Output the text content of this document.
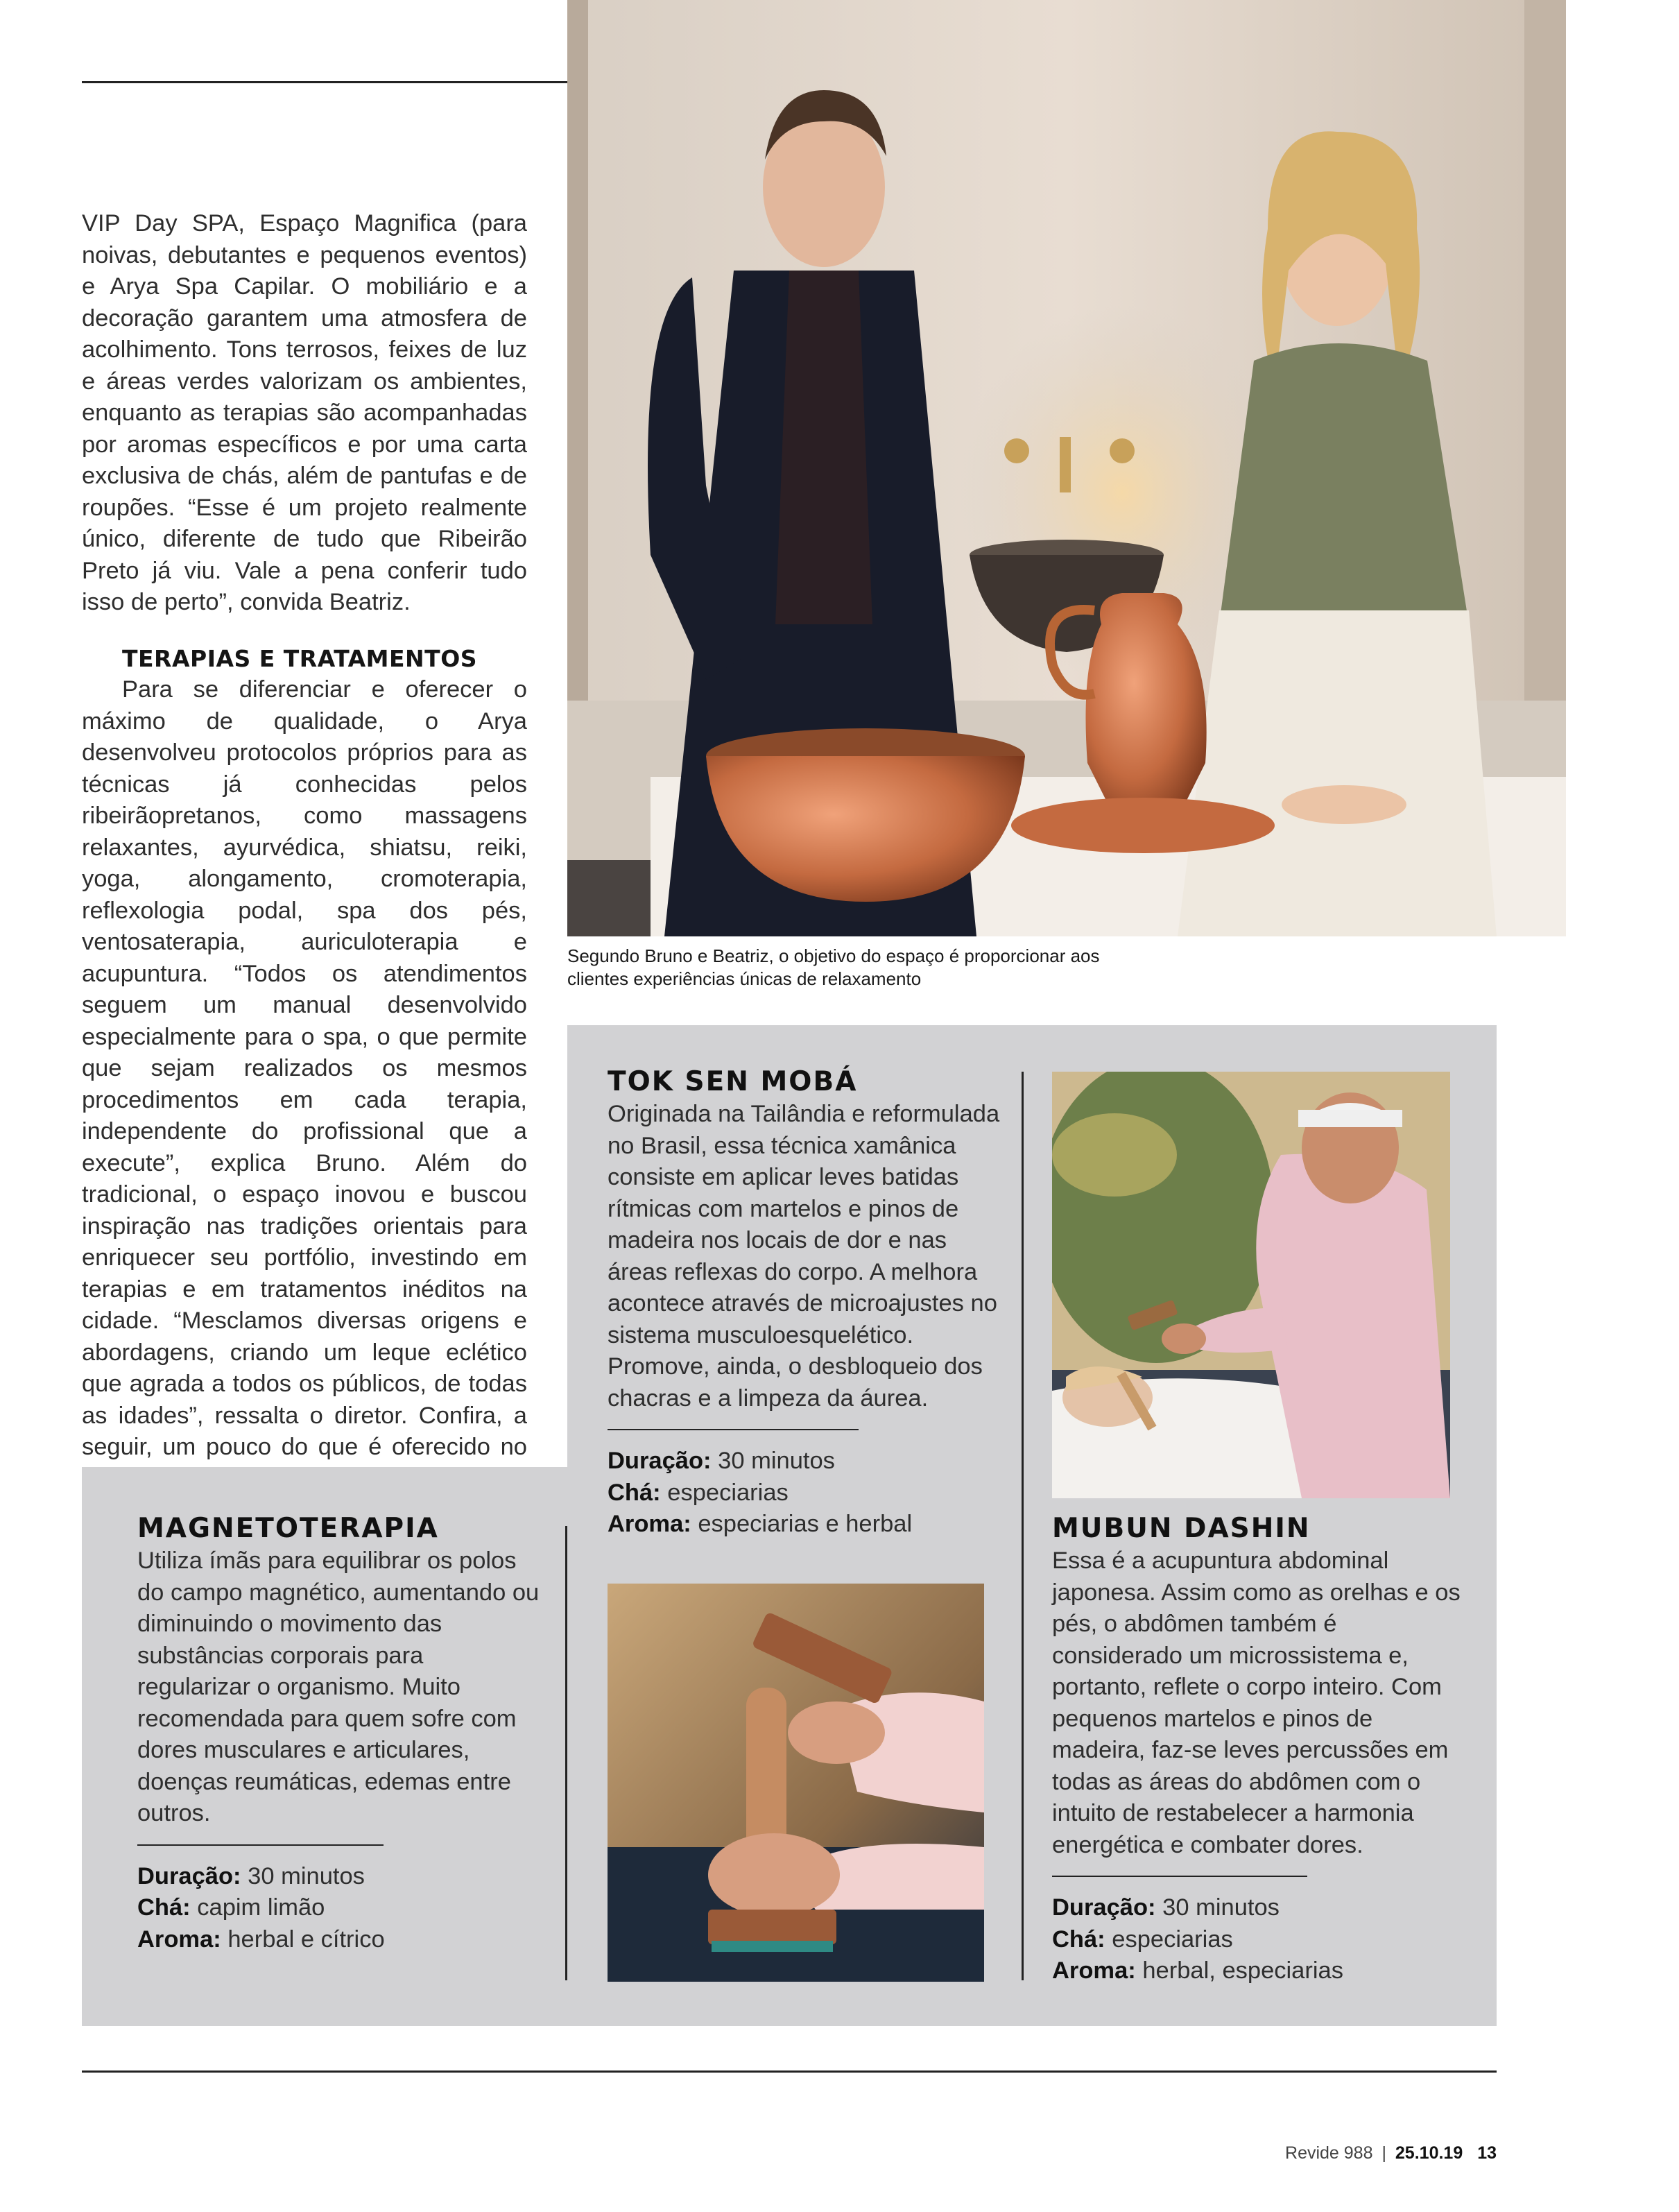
Segundo Bruno e Beatriz, o objetivo do espaço é proporcionar aos clientes experiências únicas de relaxamento

VIP Day SPA, Espaço Magnifica (para noivas, debutantes e pequenos eventos) e Arya Spa Capilar. O mobiliário e a decoração garantem uma atmosfera de acolhimento. Tons terrosos, feixes de luz e áreas verdes valorizam os ambientes, enquanto as terapias são acompanhadas por aromas específicos e por uma carta exclusiva de chás, além de pantufas e de roupões. “Esse é um projeto realmente único, diferente de tudo que Ribeirão Preto já viu. Vale a pena conferir tudo isso de perto”, convida Beatriz.

TERAPIAS E TRATAMENTOS

Para se diferenciar e oferecer o máximo de qualidade, o Arya desenvolveu protocolos próprios para as técnicas já conhecidas pelos ribeirãopretanos, como massagens relaxantes, ayurvédica, shiatsu, reiki, yoga, alongamento, cromoterapia, reflexologia podal, spa dos pés, ventosaterapia, auriculoterapia e acupuntura. “Todos os atendimentos seguem um manual desenvolvido especialmente para o spa, o que permite que sejam realizados os mesmos procedimentos em cada terapia, independente do profissional que a execute”, explica Bruno. Além do tradicional, o espaço inovou e buscou inspiração nas tradições orientais para enriquecer seu portfólio, investindo em terapias e em tratamentos inéditos na cidade. “Mesclamos diversas origens e abordagens, criando um leque eclético que agrada a todos os públicos, de todas as idades”, ressalta o diretor. Confira, a seguir, um pouco do que é oferecido no

MAGNETOTERAPIA
Utiliza ímãs para equilibrar os polos do campo magnético, aumentando ou diminuindo o movimento das substâncias corporais para regularizar o organismo. Muito recomendada para quem sofre com dores musculares e articulares, doenças reumáticas, edemas entre outros.
Duração: 30 minutos
Chá: capim limão
Aroma: herbal e cítrico
TOK SEN MOBÁ
Originada na Tailândia e reformulada no Brasil, essa técnica xamânica consiste em aplicar leves batidas rítmicas com martelos e pinos de madeira nos locais de dor e nas áreas reflexas do corpo. A melhora acontece através de microajustes no sistema musculoesquelético. Promove, ainda, o desbloqueio dos chacras e a limpeza da áurea.
Duração: 30 minutos
Chá: especiarias
Aroma: especiarias e herbal	MUBUN DASHIN
Essa é a acupuntura abdominal japonesa. Assim como as orelhas e os pés, o abdômen também é considerado um microssistema e, portanto, reflete o corpo inteiro. Com pequenos martelos e pinos de madeira, faz-se leves percussões em todas as áreas do abdômen com o intuito de restabelecer a harmonia energética e combater dores.
Duração: 30 minutos
Chá: especiarias
Aroma: herbal, especiarias
Revide 988 | 25.10.19 13
